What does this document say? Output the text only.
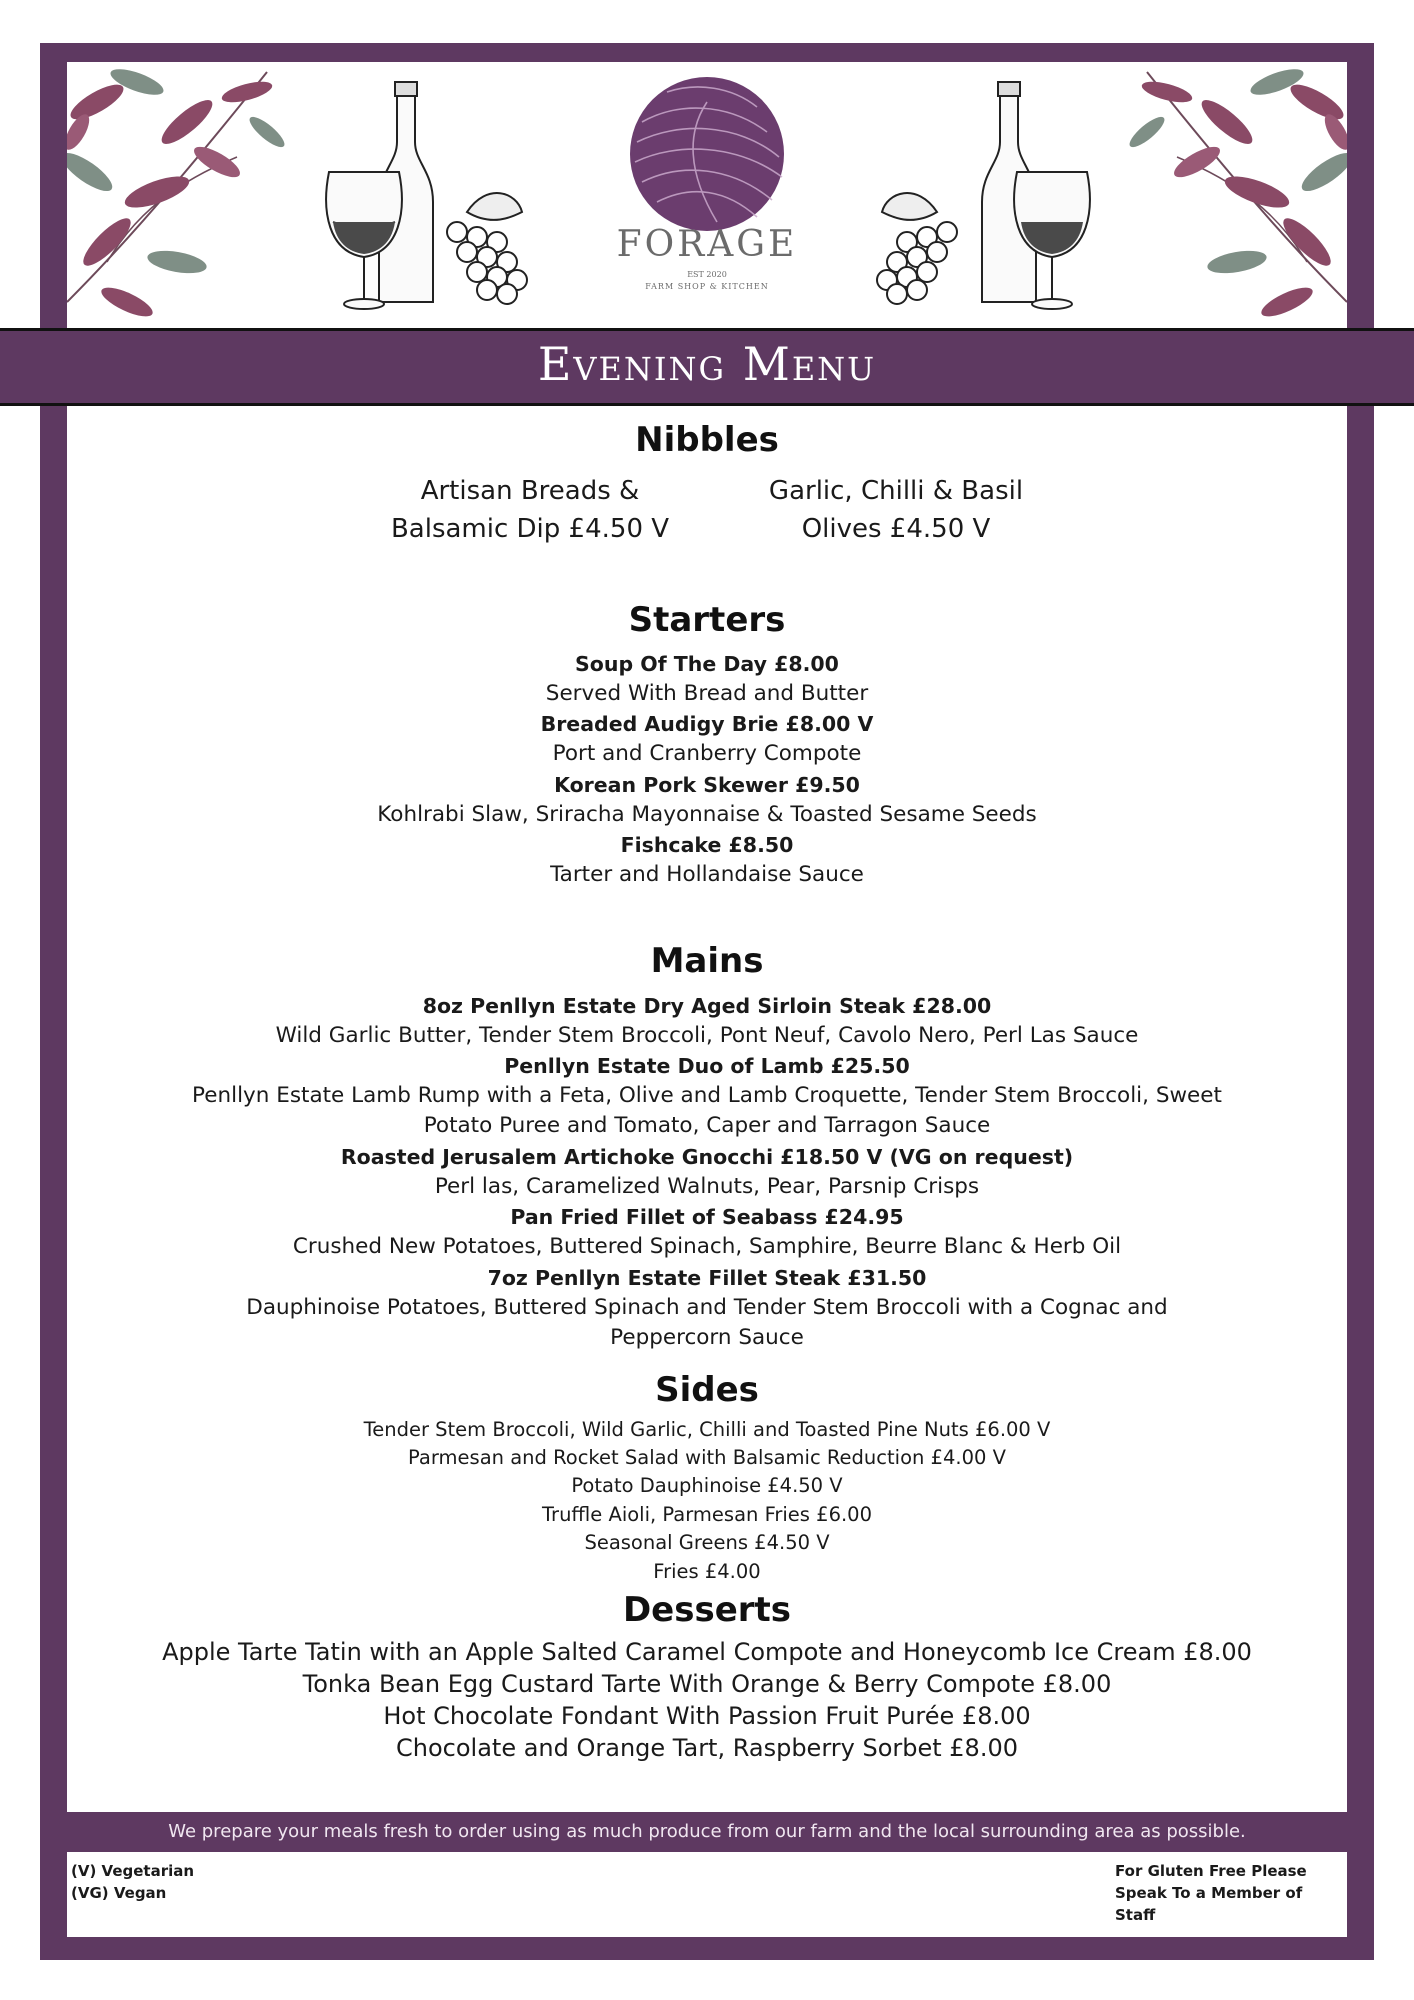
FORAGE
EST 2020
FARM SHOP & KITCHEN
Evening Menu
Nibbles
Artisan Breads &
Balsamic Dip £4.50 V
Garlic, Chilli & Basil
Olives £4.50 V
Starters
Soup Of The Day £8.00
Served With Bread and Butter
Breaded Audigy Brie £8.00 V
Port and Cranberry Compote
Korean Pork Skewer £9.50
Kohlrabi Slaw, Sriracha Mayonnaise & Toasted Sesame Seeds
Fishcake £8.50
Tarter and Hollandaise Sauce
Mains
8oz Penllyn Estate Dry Aged Sirloin Steak £28.00
Wild Garlic Butter, Tender Stem Broccoli, Pont Neuf, Cavolo Nero, Perl Las Sauce
Penllyn Estate Duo of Lamb £25.50
Penllyn Estate Lamb Rump with a Feta, Olive and Lamb Croquette, Tender Stem Broccoli, Sweet
Potato Puree and Tomato, Caper and Tarragon Sauce
Roasted Jerusalem Artichoke Gnocchi £18.50 V (VG on request)
Perl las, Caramelized Walnuts, Pear, Parsnip Crisps
Pan Fried Fillet of Seabass £24.95
Crushed New Potatoes, Buttered Spinach, Samphire, Beurre Blanc & Herb Oil
7oz Penllyn Estate Fillet Steak £31.50
Dauphinoise Potatoes, Buttered Spinach and Tender Stem Broccoli with a Cognac and
Peppercorn Sauce
Sides
Tender Stem Broccoli, Wild Garlic, Chilli and Toasted Pine Nuts £6.00 V
Parmesan and Rocket Salad with Balsamic Reduction £4.00 V
Potato Dauphinoise £4.50 V
Truffle Aioli, Parmesan Fries £6.00
Seasonal Greens £4.50 V
Fries £4.00
Desserts
Apple Tarte Tatin with an Apple Salted Caramel Compote and Honeycomb Ice Cream £8.00
Tonka Bean Egg Custard Tarte With Orange & Berry Compote £8.00
Hot Chocolate Fondant With Passion Fruit Purée £8.00
Chocolate and Orange Tart, Raspberry Sorbet £8.00
We prepare your meals fresh to order using as much produce from our farm and the local surrounding area as possible.
(V) Vegetarian
(VG) Vegan
For Gluten Free Please
Speak To a Member of
Staff
